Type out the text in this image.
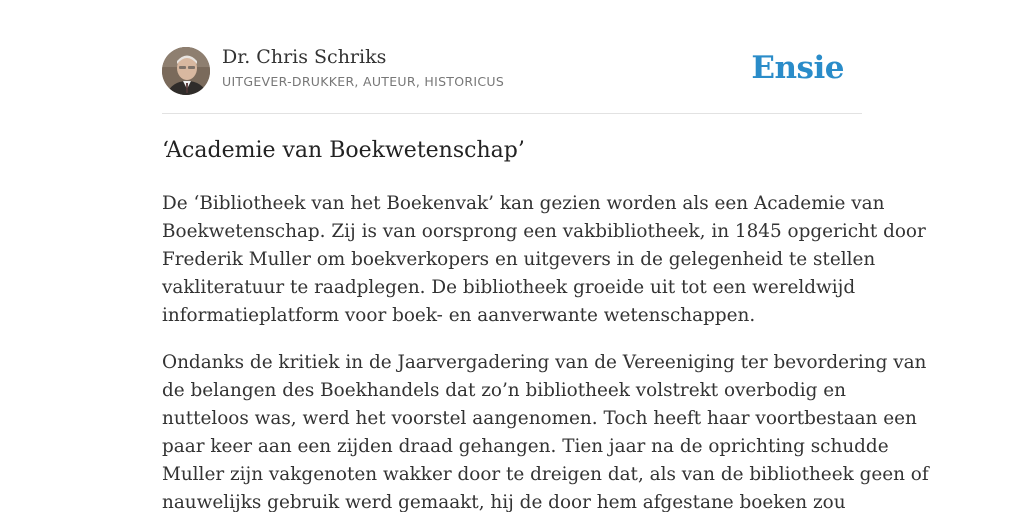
Dr. Chris Schriks
UITGEVER-DRUKKER, AUTEUR, HISTORICUS	Ensie
‘Academie van Boekwetenschap’

De ‘Bibliotheek van het Boekenvak’ kan gezien worden als een Academie van
Boekwetenschap. Zij is van oorsprong een vakbibliotheek, in 1845 opgericht door
Frederik Muller om boekverkopers en uitgevers in de gelegenheid te stellen
vakliteratuur te raadplegen. De bibliotheek groeide uit tot een wereldwijd
informatieplatform voor boek- en aanverwante wetenschappen.

Ondanks de kritiek in de Jaarvergadering van de Vereeniging ter bevordering van
de belangen des Boekhandels dat zo’n bibliotheek volstrekt overbodig en
nutteloos was, werd het voorstel aangenomen. Toch heeft haar voortbestaan een
paar keer aan een zijden draad gehangen. Tien jaar na de oprichting schudde
Muller zijn vakgenoten wakker door te dreigen dat, als van de bibliotheek geen of
nauwelijks gebruik werd gemaakt, hij de door hem afgestane boeken zou
